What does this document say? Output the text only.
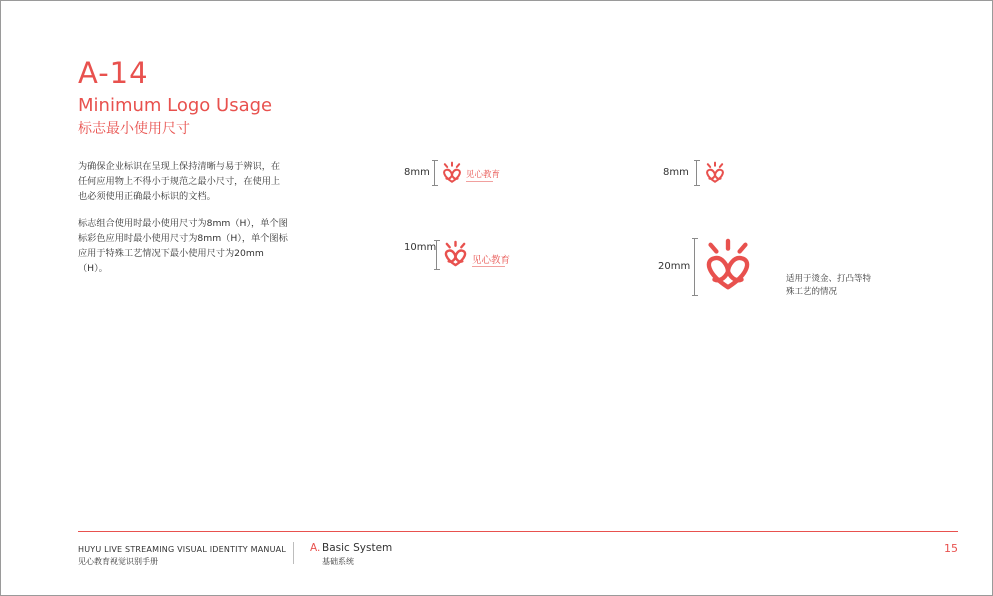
A-14
Minimum Logo Usage
标志最小使用尺寸
为确保企业标识在呈现上保持清晰与易于辨识，在任何应用物上不得小于规范之最小尺寸，在使用上也必须使用正确最小标识的文档。
标志组合使用时最小使用尺寸为8mm（H），单个图标彩色应用时最小使用尺寸为8mm（H），单个图标应用于特殊工艺情况下最小使用尺寸为20mm（H）。
8mm	见心教育
10mm
见心教育
8mm
20mm
适用于烫金、打凸等特殊工艺的情况
HUYU LIVE STREAMING VISUAL IDENTITY MANUAL
见心教育视觉识别手册
A. Basic System
基础系统
15
